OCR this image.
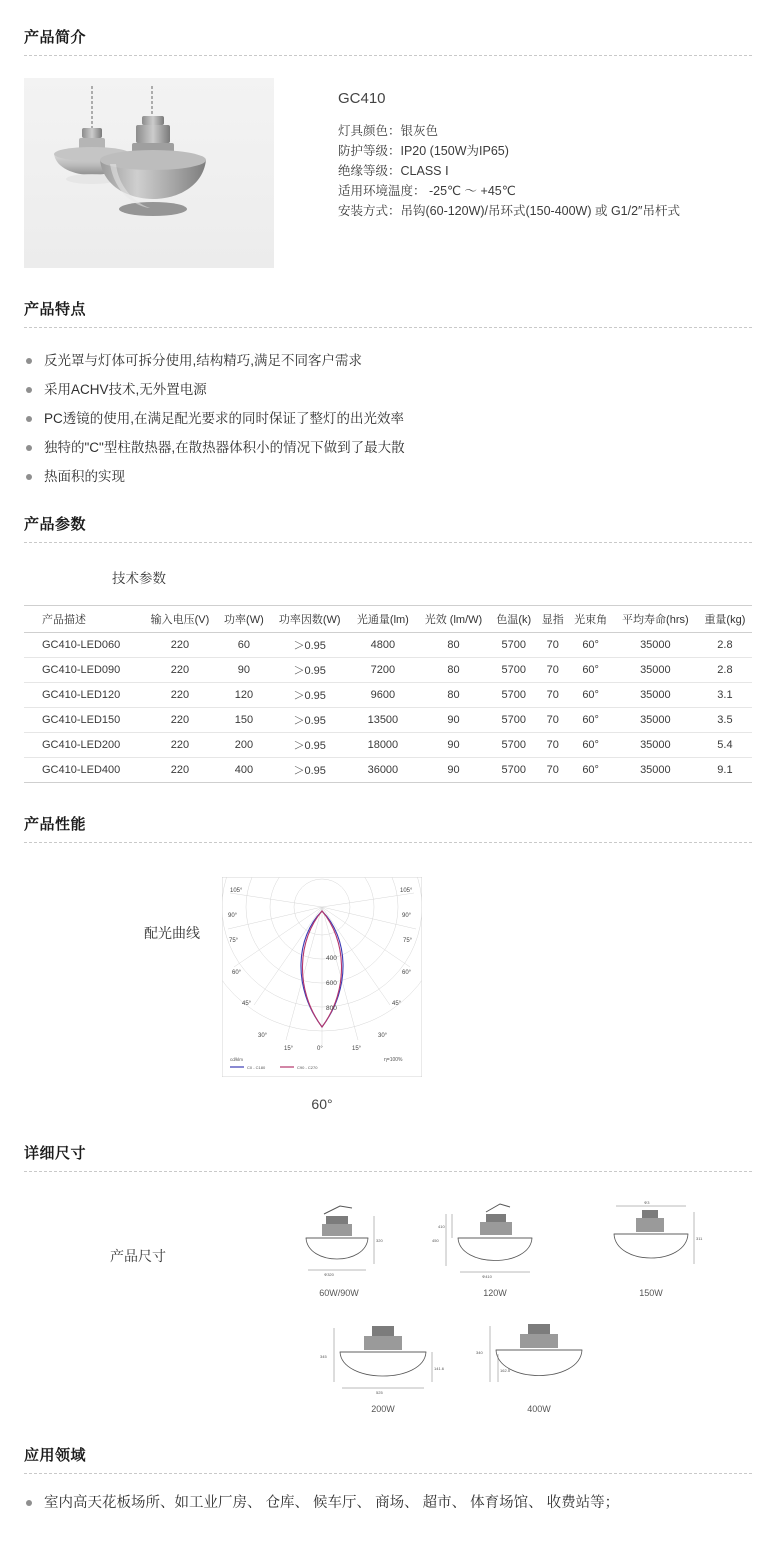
产品简介
GC410
灯具颜色：银灰色
防护等级：IP20 (150W为IP65)
绝缘等级：CLASS Ⅰ
适用环境温度： -25℃ ～ +45℃
安装方式：吊钩(60-120W)/吊环式(150-400W) 或 G1/2″吊杆式
产品特点
反光罩与灯体可拆分使用,结构精巧,满足不同客户需求
采用ACHV技术,无外置电源
PC透镜的使用,在满足配光要求的同时保证了整灯的出光效率
独特的"C"型柱散热器,在散热器体积小的情况下做到了最大散
热面积的实现
产品参数
技术参数
产品描述	输入电压(V)	功率(W)	功率因数(W)	光通量(lm)	光效 (lm/W)	色温(k)	显指	光束角	平均寿命(hrs)	重量(kg)
GC410-LED060	220	60	＞0.95	4800	80	5700	70	60°	35000	2.8
GC410-LED090	220	90	＞0.95	7200	80	5700	70	60°	35000	2.8
GC410-LED120	220	120	＞0.95	9600	80	5700	70	60°	35000	3.1
GC410-LED150	220	150	＞0.95	13500	90	5700	70	60°	35000	3.5
GC410-LED200	220	200	＞0.95	18000	90	5700	70	60°	35000	5.4
GC410-LED400	220	400	＞0.95	36000	90	5700	70	60°	35000	9.1
产品性能
配光曲线
400
600
800
105°
90°
75°
60°
45°
30°
105°
90°
75°
60°
45°
30°
15°	0°	15°
cd/klm
C0 - C180	C90 - C270
η=100%
60°
详细尺寸
产品尺寸
320
Φ320
60W/90W
410
450
Φ410
120W
311
Φ3
150W
345
141.6
525
200W
340
162.5
400W
应用领域
室内高天花板场所、如工业厂房、 仓库、 候车厅、 商场、 超市、 体育场馆、 收费站等；
